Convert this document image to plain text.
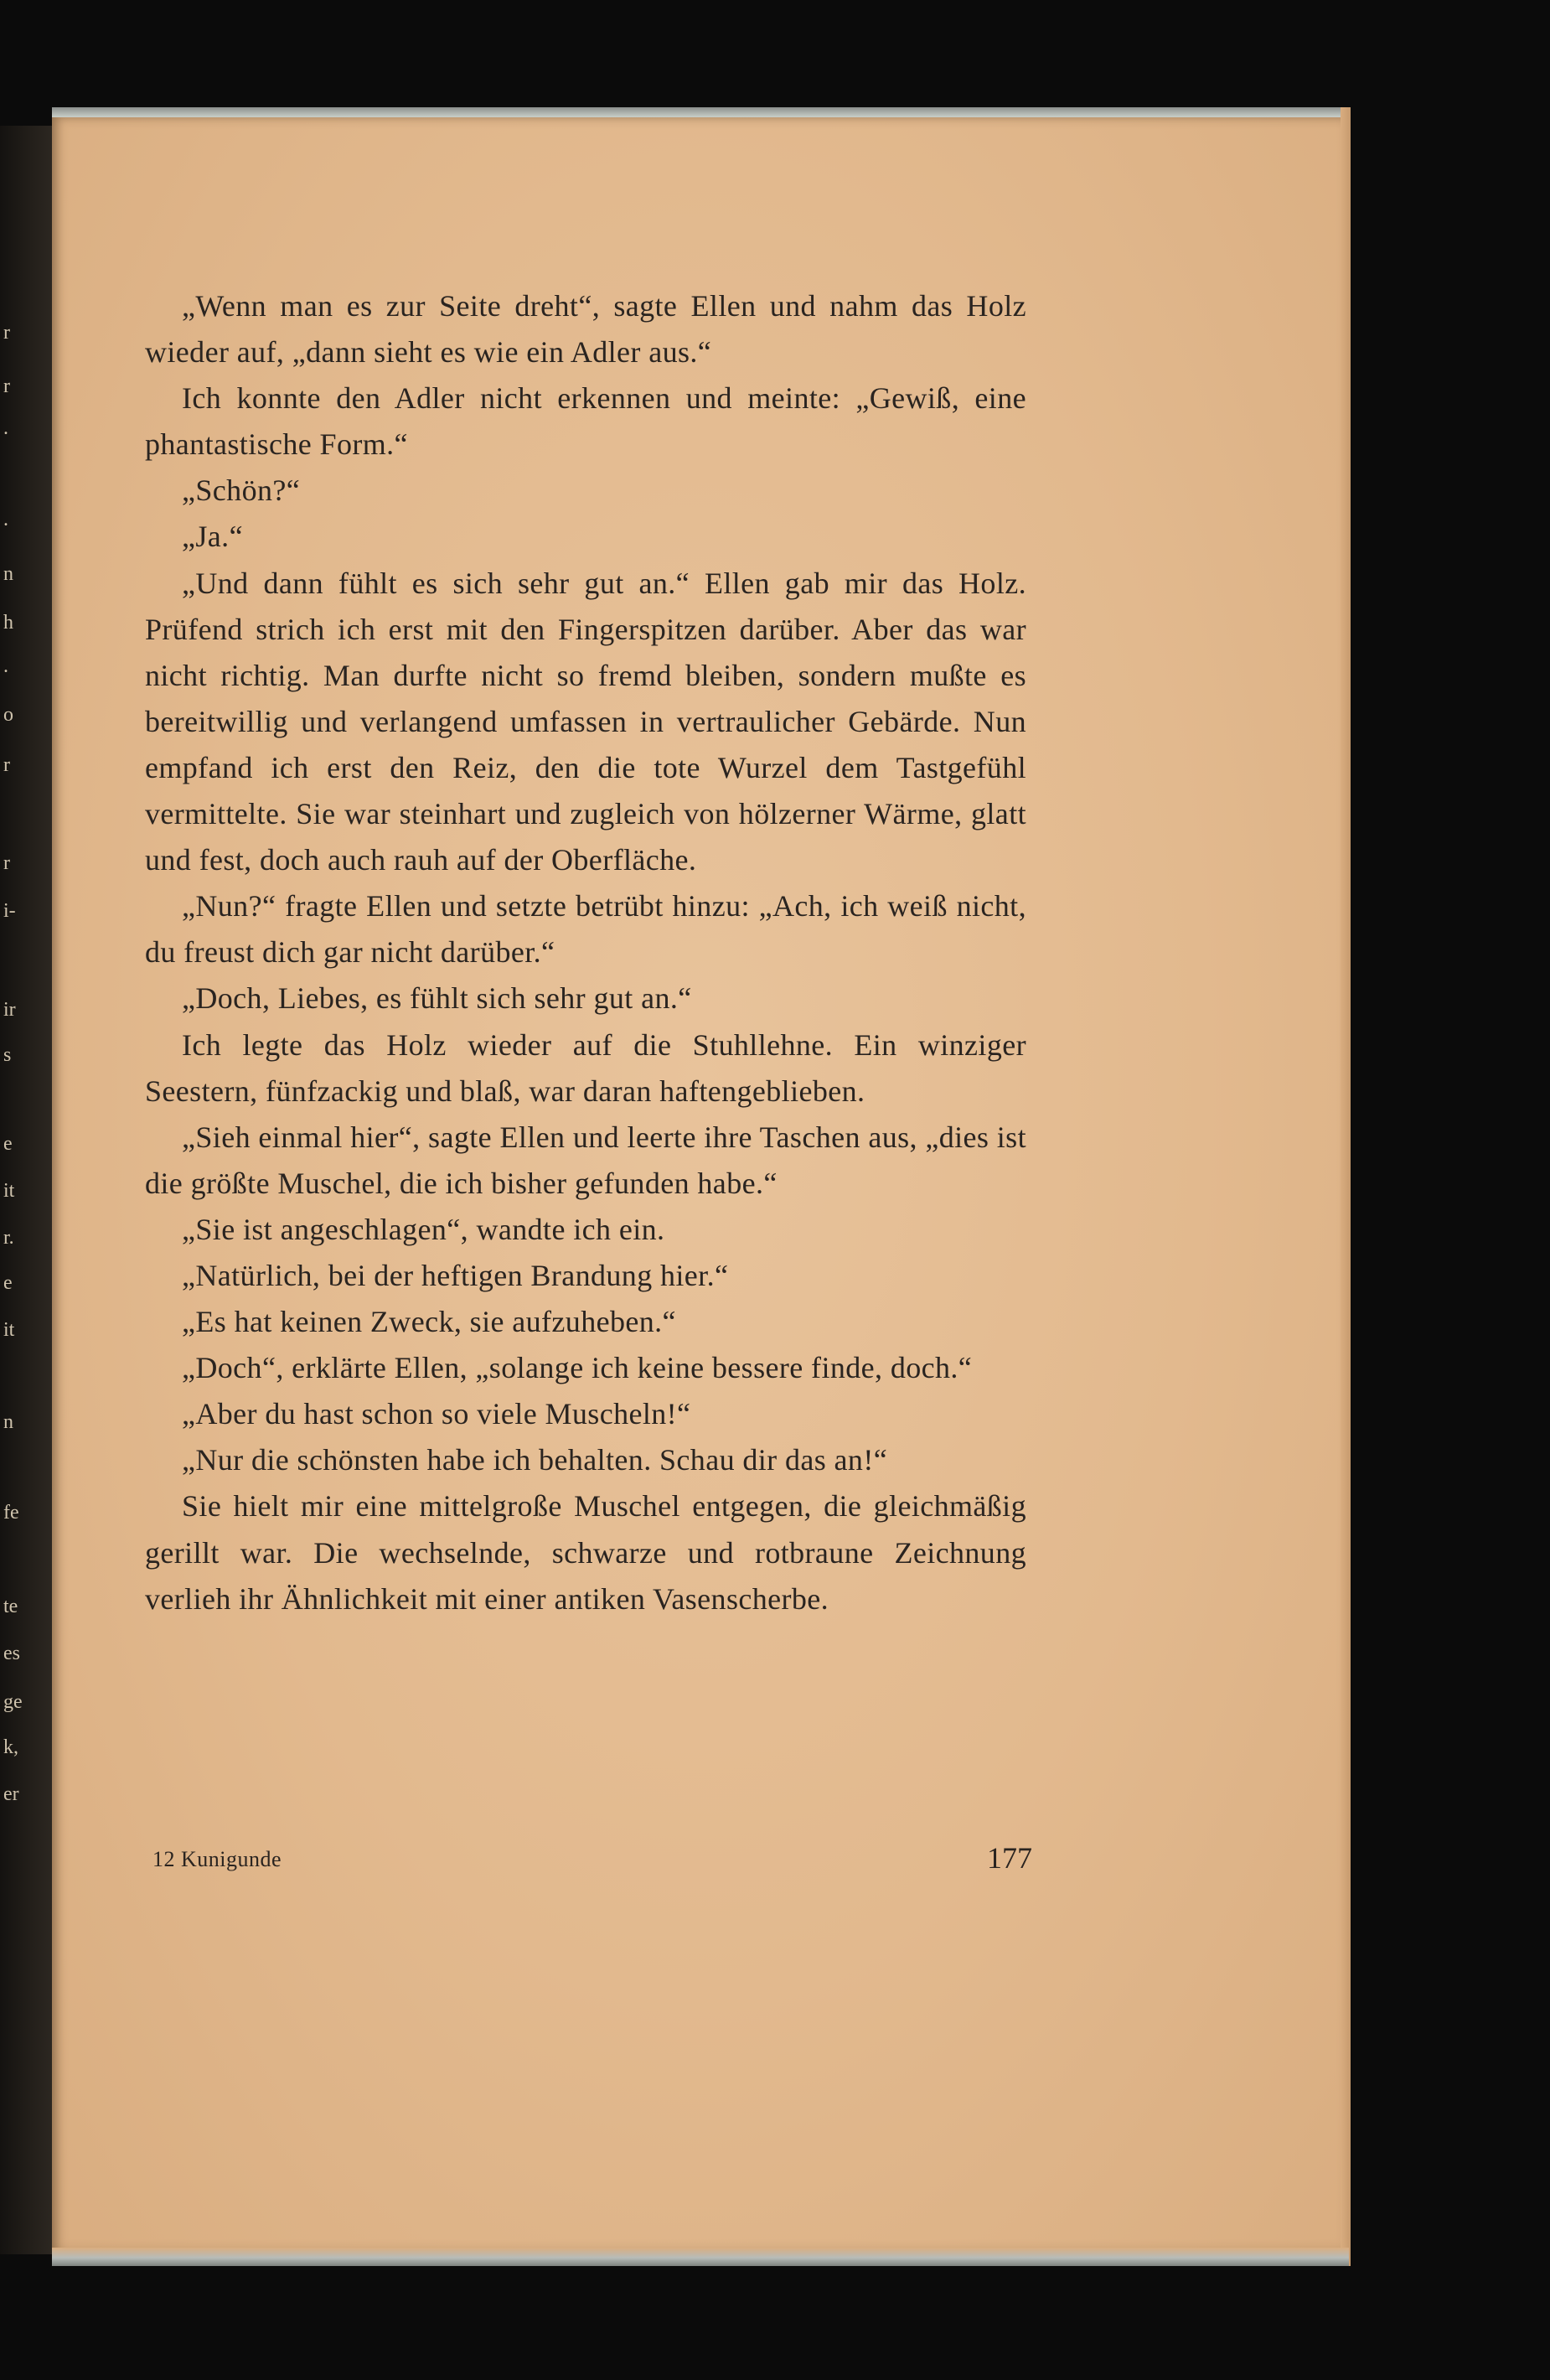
r
r
.
.
n
h
.
o
r
r
i-
ir
s
e
it
r.
e
it
n
fe
te
es
ge
k,
er

„Wenn man es zur Seite dreht“, sagte Ellen und nahm das Holz wieder auf, „dann sieht es wie ein Adler aus.“

Ich konnte den Adler nicht erkennen und meinte: „Gewiß, eine phantastische Form.“

„Schön?“

„Ja.“

„Und dann fühlt es sich sehr gut an.“ Ellen gab mir das Holz. Prüfend strich ich erst mit den Fingerspitzen darüber. Aber das war nicht richtig. Man durfte nicht so fremd bleiben, sondern mußte es bereitwillig und verlangend umfassen in vertraulicher Gebärde. Nun empfand ich erst den Reiz, den die tote Wurzel dem Tastgefühl vermittelte. Sie war steinhart und zugleich von hölzerner Wärme, glatt und fest, doch auch rauh auf der Oberfläche.

„Nun?“ fragte Ellen und setzte betrübt hinzu: „Ach, ich weiß nicht, du freust dich gar nicht darüber.“

„Doch, Liebes, es fühlt sich sehr gut an.“

Ich legte das Holz wieder auf die Stuhllehne. Ein winziger Seestern, fünfzackig und blaß, war daran haftengeblieben.

„Sieh einmal hier“, sagte Ellen und leerte ihre Taschen aus, „dies ist die größte Muschel, die ich bisher gefunden habe.“

„Sie ist angeschlagen“, wandte ich ein.

„Natürlich, bei der heftigen Brandung hier.“

„Es hat keinen Zweck, sie aufzuheben.“

„Doch“, erklärte Ellen, „solange ich keine bessere finde, doch.“

„Aber du hast schon so viele Muscheln!“

„Nur die schönsten habe ich behalten. Schau dir das an!“

Sie hielt mir eine mittelgroße Muschel entgegen, die gleichmäßig gerillt war. Die wechselnde, schwarze und rotbraune Zeichnung verlieh ihr Ähnlichkeit mit einer antiken Vasenscherbe.

12 Kunigunde	177
